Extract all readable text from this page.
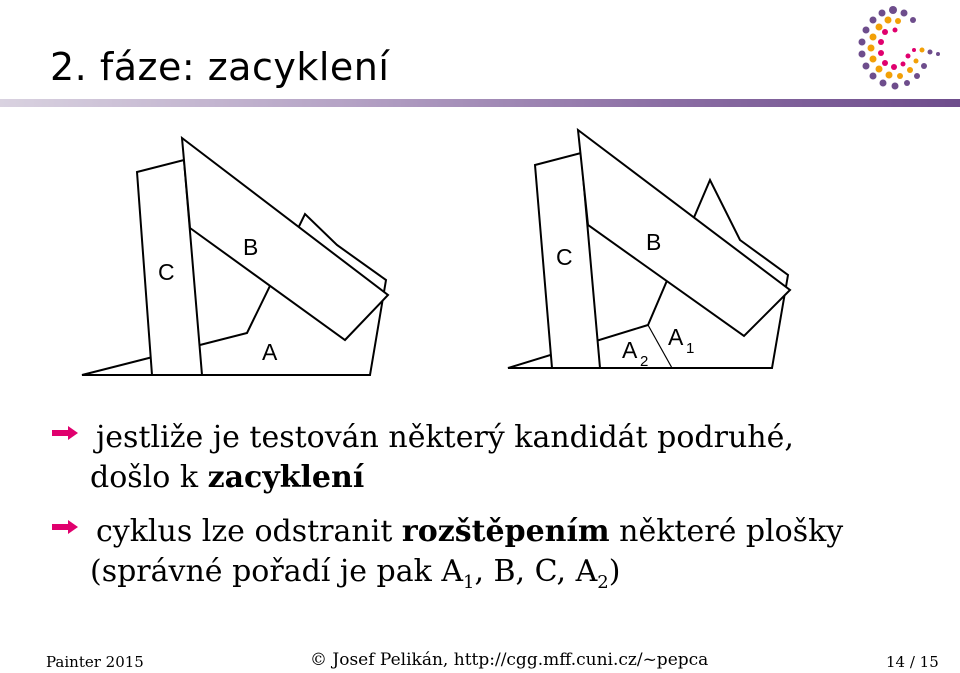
2. fáze: zacyklení
C
B
A
C
B
A 2
A 1
jestliže je testován některý kandidát podruhé,
došlo k zacyklení
cyklus lze odstranit rozštěpením některé plošky
(správné pořadí je pak $A_1$, B, C, $A_2$)
Painter 2015	© Josef Pelikán, http://cgg.mff.cuni.cz/~pepca	14 / 15
